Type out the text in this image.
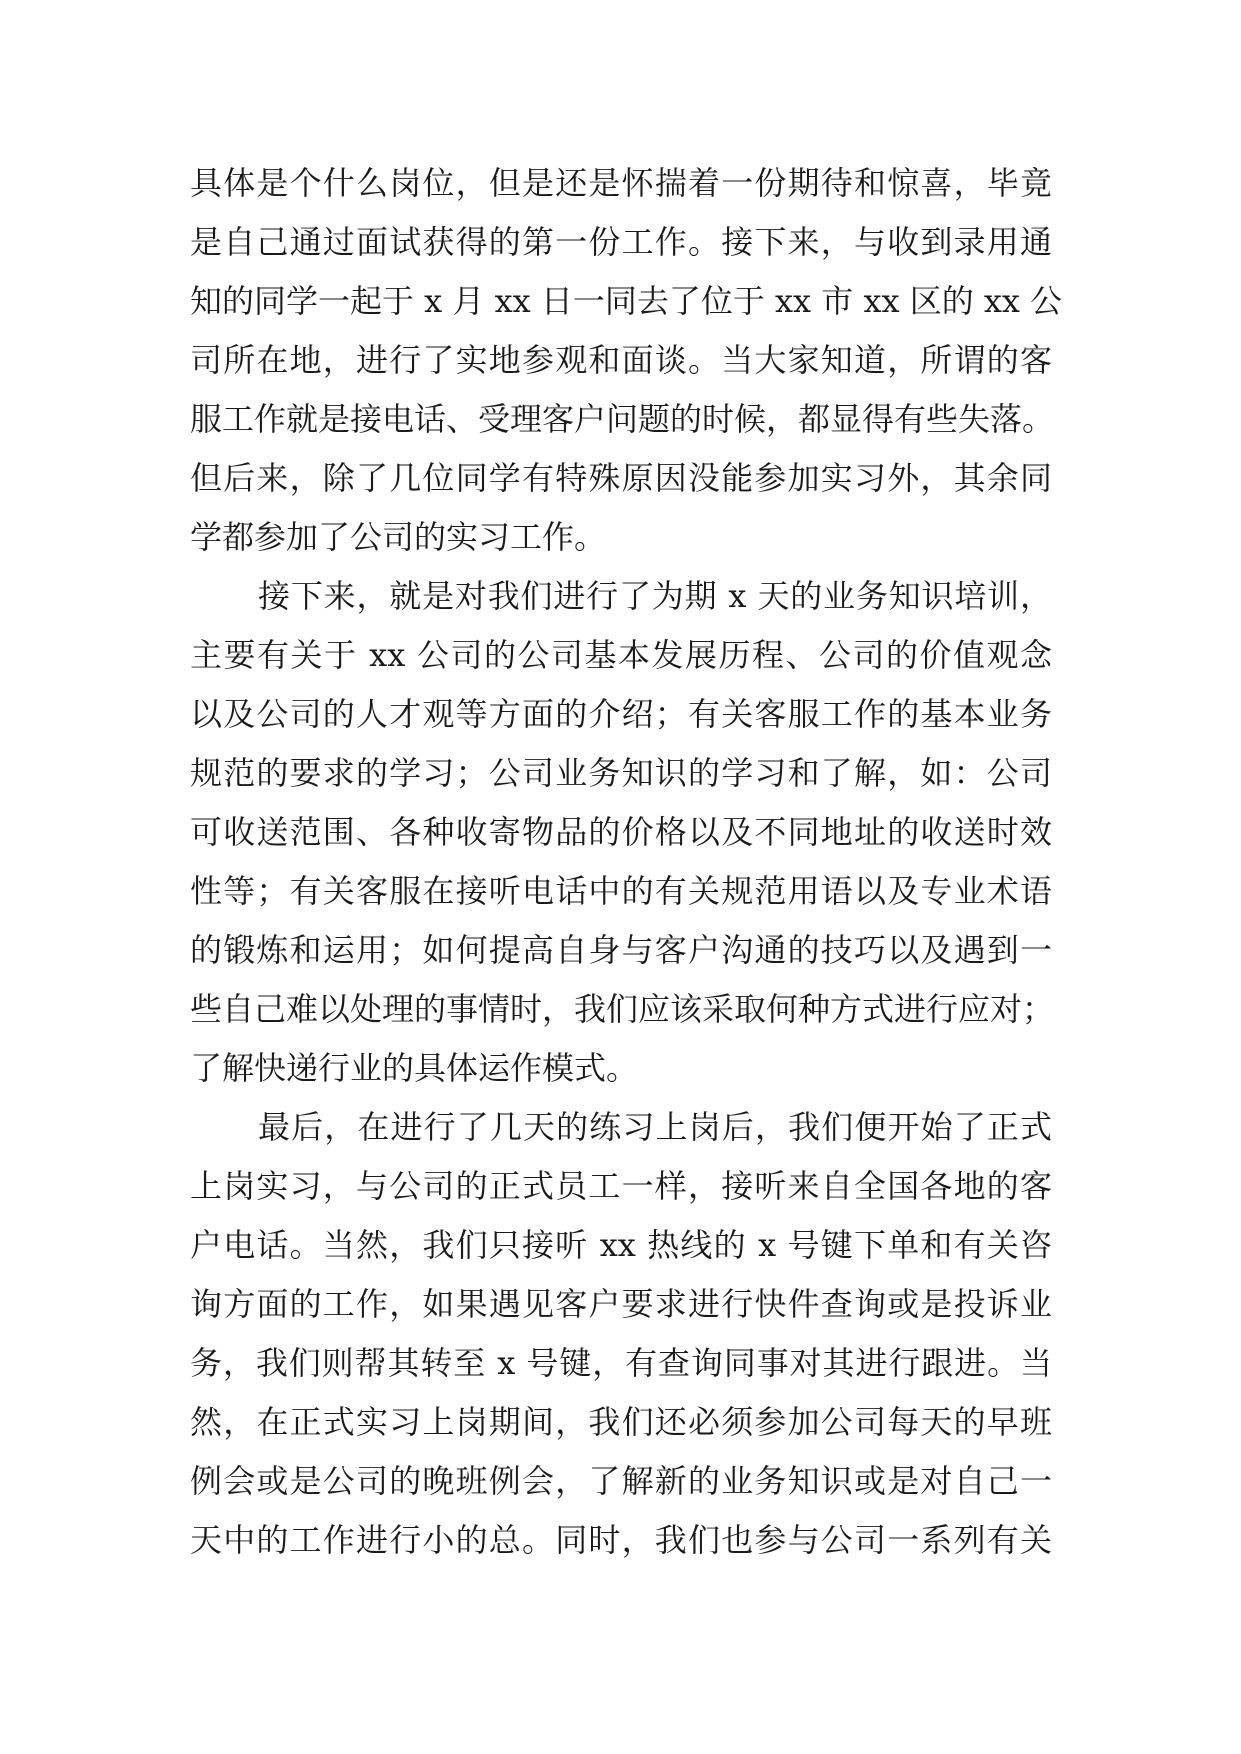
具体是个什么岗位，但是还是怀揣着一份期待和惊喜，毕竟
是自己通过面试获得的第一份工作。接下来，与收到录用通
知的同学一起于 x 月 xx 日一同去了位于 xx 市 xx 区的 xx 公
司所在地，进行了实地参观和面谈。当大家知道，所谓的客
服工作就是接电话、受理客户问题的时候，都显得有些失落。
但后来，除了几位同学有特殊原因没能参加实习外，其余同
学都参加了公司的实习工作。
接下来，就是对我们进行了为期 x 天的业务知识培训，
主要有关于 xx 公司的公司基本发展历程、公司的价值观念
以及公司的人才观等方面的介绍；有关客服工作的基本业务
规范的要求的学习；公司业务知识的学习和了解，如：公司
可收送范围、各种收寄物品的价格以及不同地址的收送时效
性等；有关客服在接听电话中的有关规范用语以及专业术语
的锻炼和运用；如何提高自身与客户沟通的技巧以及遇到一
些自己难以处理的事情时，我们应该采取何种方式进行应对；
了解快递行业的具体运作模式。
最后，在进行了几天的练习上岗后，我们便开始了正式
上岗实习，与公司的正式员工一样，接听来自全国各地的客
户电话。当然，我们只接听 xx 热线的 x 号键下单和有关咨
询方面的工作，如果遇见客户要求进行快件查询或是投诉业
务，我们则帮其转至 x 号键，有查询同事对其进行跟进。当
然，在正式实习上岗期间，我们还必须参加公司每天的早班
例会或是公司的晚班例会，了解新的业务知识或是对自己一
天中的工作进行小的总。同时，我们也参与公司一系列有关
